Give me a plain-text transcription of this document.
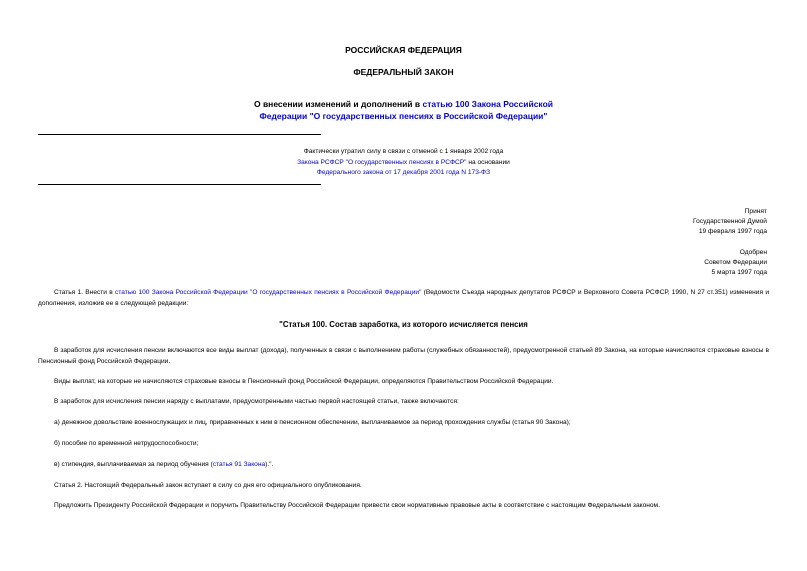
РОССИЙСКАЯ ФЕДЕРАЦИЯ
ФЕДЕРАЛЬНЫЙ ЗАКОН
О внесении изменений и дополнений в статью 100 Закона Российской
Федерации "О государственных пенсиях в Российской Федерации"
Фактически утратил силу в связи с отменой с 1 января 2002 года
Закона РСФСР "О государственных пенсиях в РСФСР" на основании
Федерального закона от 17 декабря 2001 года N 173-ФЗ
Принят
Государственной Думой
19 февраля 1997 года
Одобрен
Советом Федерации
5 марта 1997 года
Статья 1. Внести в статью 100 Закона Российской Федерации "О государственных пенсиях в Российской Федерации" (Ведомости Съезда народных депутатов РСФСР и Верховного Совета РСФСР, 1990, N 27 ст.351) изменения и дополнения, изложив ее в следующей редакции:
"Статья 100. Состав заработка, из которого исчисляется пенсия
В заработок для исчисления пенсии включаются все виды выплат (дохода), полученных в связи с выполнением работы (служебных обязанностей), предусмотренной статьей 89 Закона, на которые начисляются страховые взносы в Пенсионный фонд Российской Федерации.
Виды выплат, на которые не начисляются страховые взносы в Пенсионный фонд Российской Федерации, определяются Правительством Российской Федерации.
В заработок для исчисления пенсии наряду с выплатами, предусмотренными частью первой настоящей статьи, также включаются:
а) денежное довольствие военнослужащих и лиц, приравненных к ним в пенсионном обеспечении, выплачиваемое за период прохождения службы (статья 90 Закона);
б) пособие по временной нетрудоспособности;
в) стипендия, выплачиваемая за период обучения (статья 91 Закона).".
Статья 2. Настоящий Федеральный закон вступает в силу со дня его официального опубликования.
Предложить Президенту Российской Федерации и поручить Правительству Российской Федерации привести свои нормативные правовые акты в соответствие с настоящим Федеральным законом.
